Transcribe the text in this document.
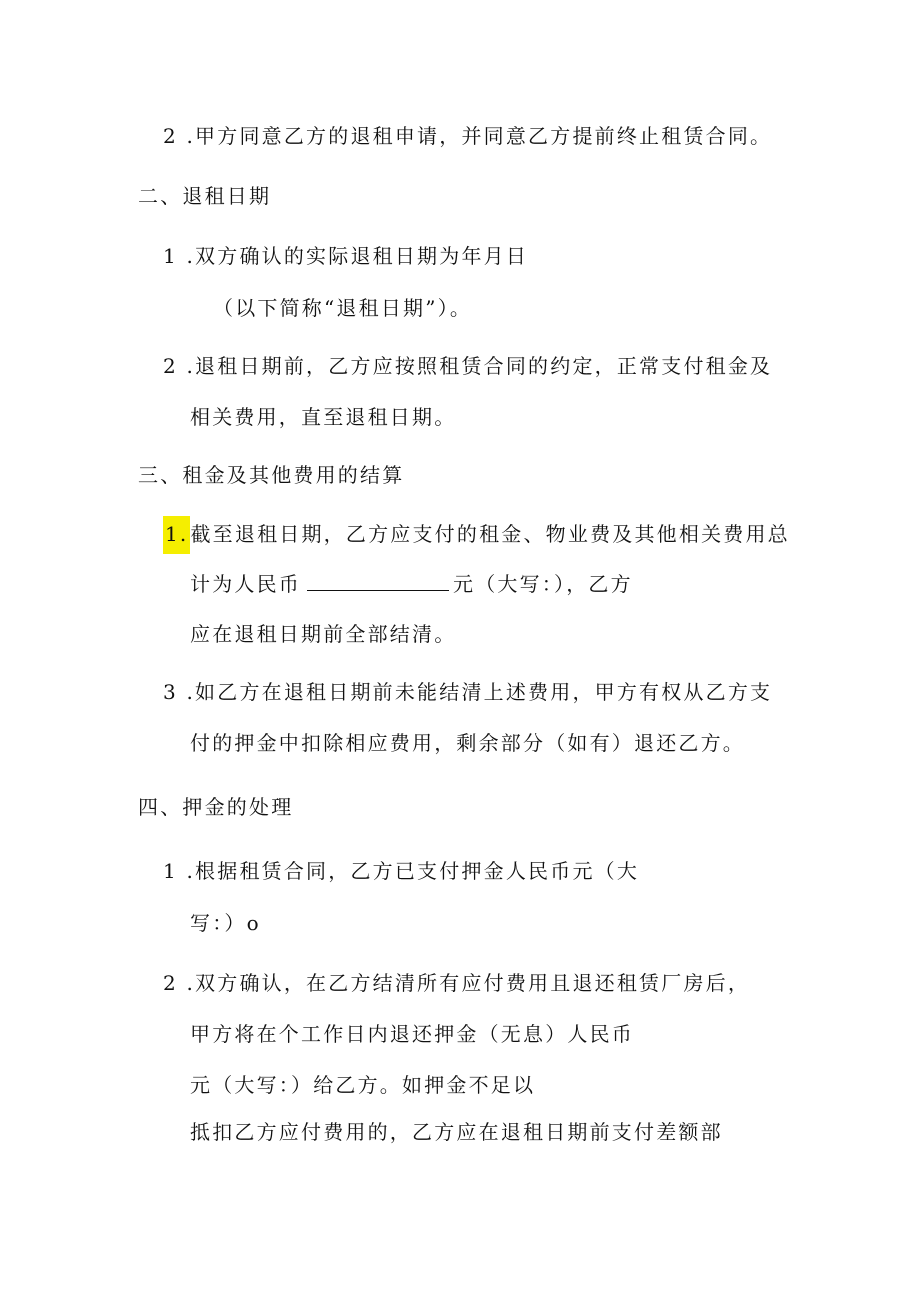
2 .甲方同意乙方的退租申请，并同意乙方提前终止租赁合同。
二、退租日期
1 .双方确认的实际退租日期为年月日
（以下简称“退租日期”）。
2 .退租日期前，乙方应按照租赁合同的约定，正常支付租金及
相关费用，直至退租日期。
三、租金及其他费用的结算
1. 截至退租日期，乙方应支付的租金、物业费及其他相关费用总
计为人民币	元（大写：），乙方
应在退租日期前全部结清。
3 .如乙方在退租日期前未能结清上述费用，甲方有权从乙方支
付的押金中扣除相应费用，剩余部分（如有）退还乙方。
四、押金的处理
1 .根据租赁合同，乙方已支付押金人民币元（大
写：）o
2 .双方确认，在乙方结清所有应付费用且退还租赁厂房后，
甲方将在个工作日内退还押金（无息）人民币
元（大写：）给乙方。如押金不足以
抵扣乙方应付费用的，乙方应在退租日期前支付差额部
